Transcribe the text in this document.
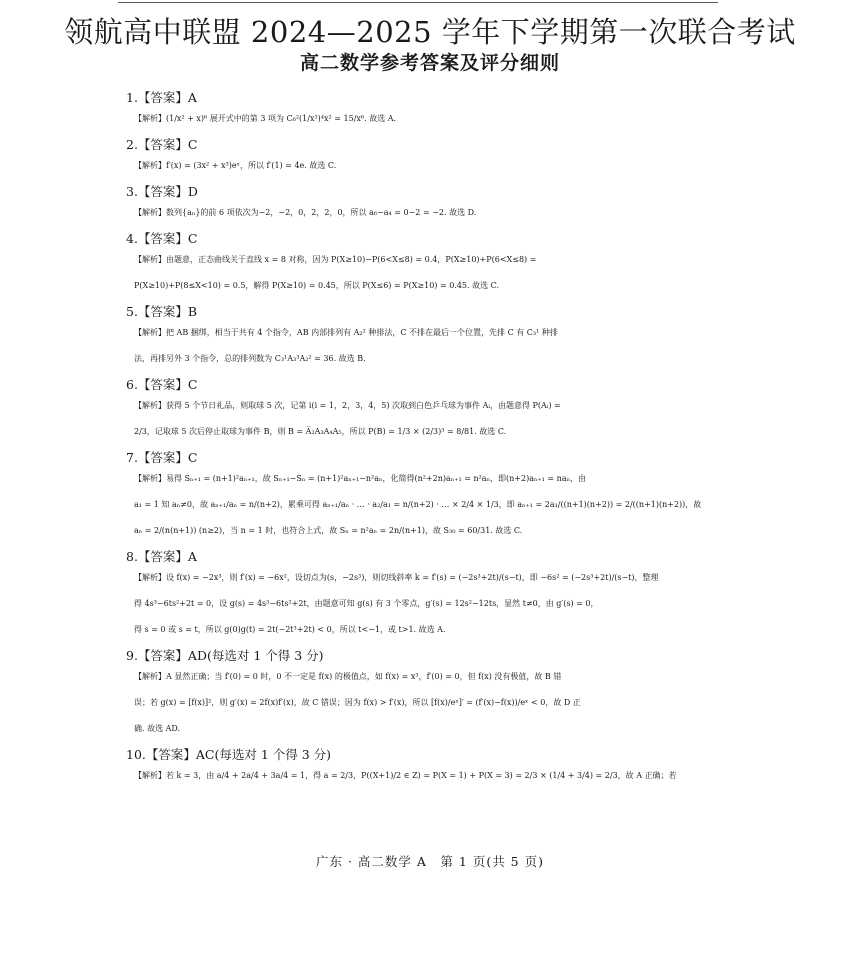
领航高中联盟 2024—2025 学年下学期第一次联合考试
高二数学参考答案及评分细则
1.【答案】A
【解析】(1/x² + x)⁶ 展开式中的第 3 项为 C₆²(1/x²)⁴x² = 15/x⁶. 故选 A.
2.【答案】C
【解析】f′(x) = (3x² + x³)eˣ，所以 f′(1) = 4e. 故选 C.
3.【答案】D
【解析】数列{aₙ}的前 6 项依次为−2，−2，0，2，2，0，所以 a₆−a₄ = 0−2 = −2. 故选 D.
4.【答案】C
【解析】由题意，正态曲线关于直线 x = 8 对称，因为 P(X≥10)−P(6<X≤8) = 0.4，P(X≥10)+P(6<X≤8) =
P(X≥10)+P(8≤X<10) = 0.5，解得 P(X≥10) = 0.45，所以 P(X≤6) = P(X≥10) = 0.45. 故选 C.
5.【答案】B
【解析】把 AB 捆绑，相当于共有 4 个指令，AB 内部排列有 A₂² 种排法，C 不排在最后一个位置，先排 C 有 C₃¹ 种排
法，再排另外 3 个指令，总的排列数为 C₃¹A₃³A₂² = 36. 故选 B.
6.【答案】C
【解析】获得 5 个节日礼品，则取球 5 次，记第 i(i = 1，2，3，4，5) 次取到白色乒乓球为事件 Aᵢ，由题意得 P(Aᵢ) =
2/3，记取球 5 次后停止取球为事件 B，则 B = A̅₂A₃A₄A₅，所以 P(B) = 1/3 × (2/3)³ = 8/81. 故选 C.
7.【答案】C
【解析】易得 Sₙ₊₁ = (n+1)²aₙ₊₁，故 Sₙ₊₁−Sₙ = (n+1)²aₙ₊₁−n²aₙ，化简得(n²+2n)aₙ₊₁ = n²aₙ，即(n+2)aₙ₊₁ = naₙ，由
a₁ = 1 知 aₙ≠0，故 aₙ₊₁/aₙ = n/(n+2)，累乘可得 aₙ₊₁/aₙ · … · a₂/a₁ = n/(n+2) · … × 2/4 × 1/3，即 aₙ₊₁ = 2a₁/((n+1)(n+2)) = 2/((n+1)(n+2))，故
aₙ = 2/(n(n+1)) (n≥2)，当 n = 1 时，也符合上式，故 Sₙ = n²aₙ = 2n/(n+1)，故 S₃₀ = 60/31. 故选 C.
8.【答案】A
【解析】设 f(x) = −2x³，则 f′(x) = −6x²，设切点为(s，−2s³)，则切线斜率 k = f′(s) = (−2s³+2t)/(s−t)，即 −6s² = (−2s³+2t)/(s−t)，整理
得 4s³−6ts²+2t = 0，设 g(s) = 4s³−6ts²+2t，由题意可知 g(s) 有 3 个零点，g′(s) = 12s²−12ts，显然 t≠0，由 g′(s) = 0，
得 s = 0 或 s = t，所以 g(0)g(t) = 2t(−2t³+2t) < 0，所以 t<−1，或 t>1. 故选 A.
9.【答案】AD(每选对 1 个得 3 分)
【解析】A 显然正确；当 f′(0) = 0 时，0 不一定是 f(x) 的极值点，如 f(x) = x³，f′(0) = 0，但 f(x) 没有极值，故 B 错
误；若 g(x) = [f(x)]²，则 g′(x) = 2f(x)f′(x)，故 C 错误；因为 f(x) > f′(x)，所以 [f(x)/eˣ]′ = (f′(x)−f(x))/eˣ < 0，故 D 正
确. 故选 AD.
10.【答案】AC(每选对 1 个得 3 分)
【解析】若 k = 3，由 a/4 + 2a/4 + 3a/4 = 1，得 a = 2/3，P((X+1)/2 ∈ Z) = P(X = 1) + P(X = 3) = 2/3 × (1/4 + 3/4) = 2/3，故 A 正确；若
广东 · 高二数学 A　第 1 页(共 5 页)
